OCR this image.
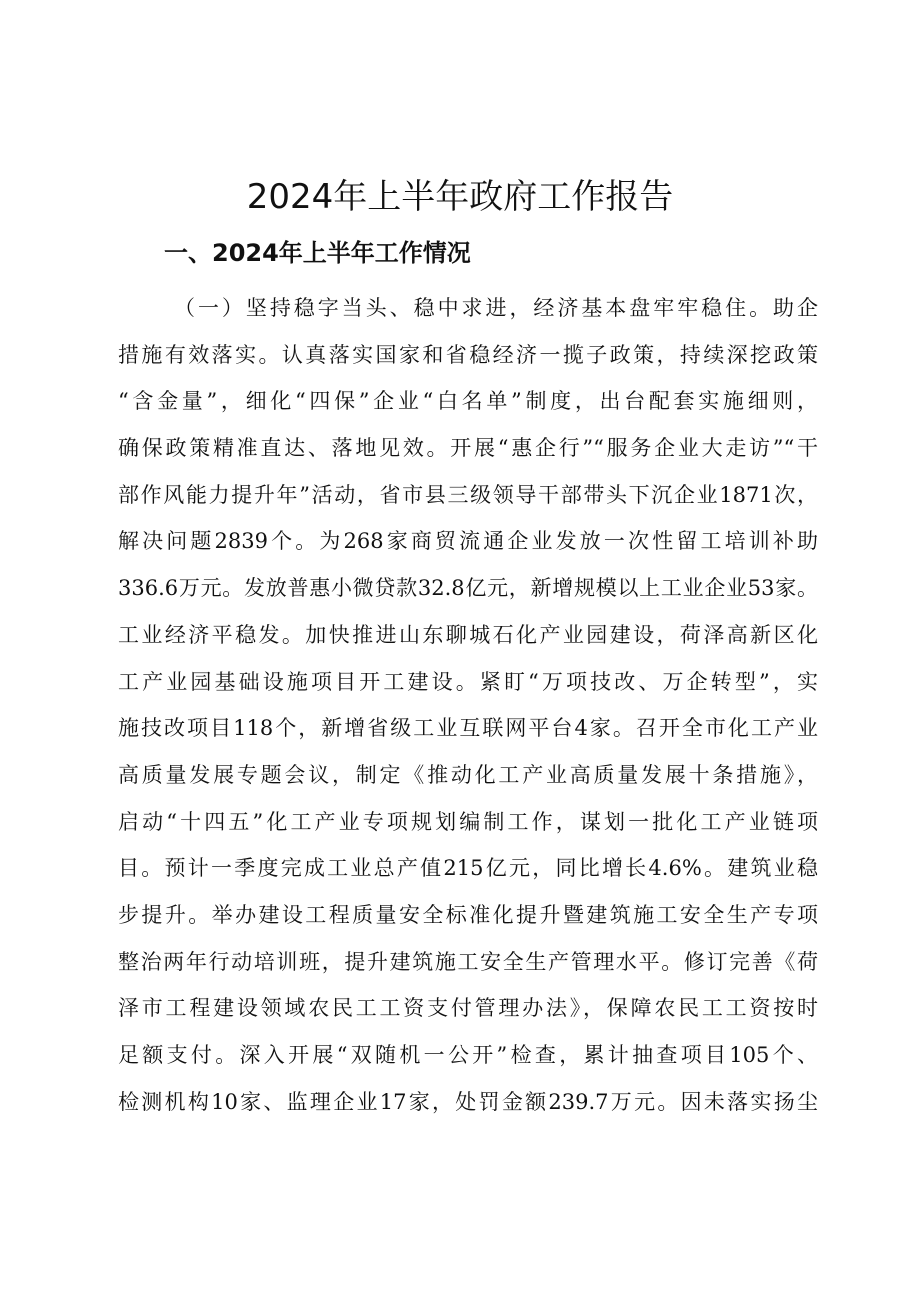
2024年上半年政府工作报告
一、2024年上半年工作情况
（一）坚持稳字当头、稳中求进，经济基本盘牢牢稳住。助企
措施有效落实。认真落实国家和省稳经济一揽子政策，持续深挖政策
“含金量”，细化“四保”企业“白名单”制度，出台配套实施细则，
确保政策精准直达、落地见效。开展“惠企行”“服务企业大走访”“干
部作风能力提升年”活动，省市县三级领导干部带头下沉企业1871次，
解决问题2839个。为268家商贸流通企业发放一次性留工培训补助
336.6万元。发放普惠小微贷款32.8亿元，新增规模以上工业企业53家。
工业经济平稳发。加快推进山东聊城石化产业园建设，荷泽高新区化
工产业园基础设施项目开工建设。紧盯“万项技改、万企转型”，实
施技改项目118个，新增省级工业互联网平台4家。召开全市化工产业
高质量发展专题会议，制定《推动化工产业高质量发展十条措施》，
启动“十四五”化工产业专项规划编制工作，谋划一批化工产业链项
目。预计一季度完成工业总产值215亿元，同比增长4.6%。建筑业稳
步提升。举办建设工程质量安全标准化提升暨建筑施工安全生产专项
整治两年行动培训班，提升建筑施工安全生产管理水平。修订完善《荷
泽市工程建设领域农民工工资支付管理办法》，保障农民工工资按时
足额支付。深入开展“双随机一公开”检查，累计抽查项目105个、
检测机构10家、监理企业17家，处罚金额239.7万元。因未落实扬尘
